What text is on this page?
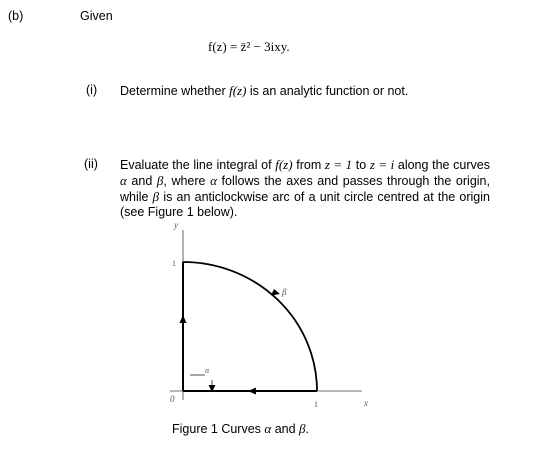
(b)	Given
f(z) = z̄² − 3ixy.
(i) Determine whether f(z) is an analytic function or not.
(ii) Evaluate the line integral of f(z) from z = 1 to z = i along the curves α and β, where α follows the axes and passes through the origin, while β is an anticlockwise arc of a unit circle centred at the origin (see Figure 1 below).
y
x
0
1
1
α
β
Figure 1 Curves α and β.
